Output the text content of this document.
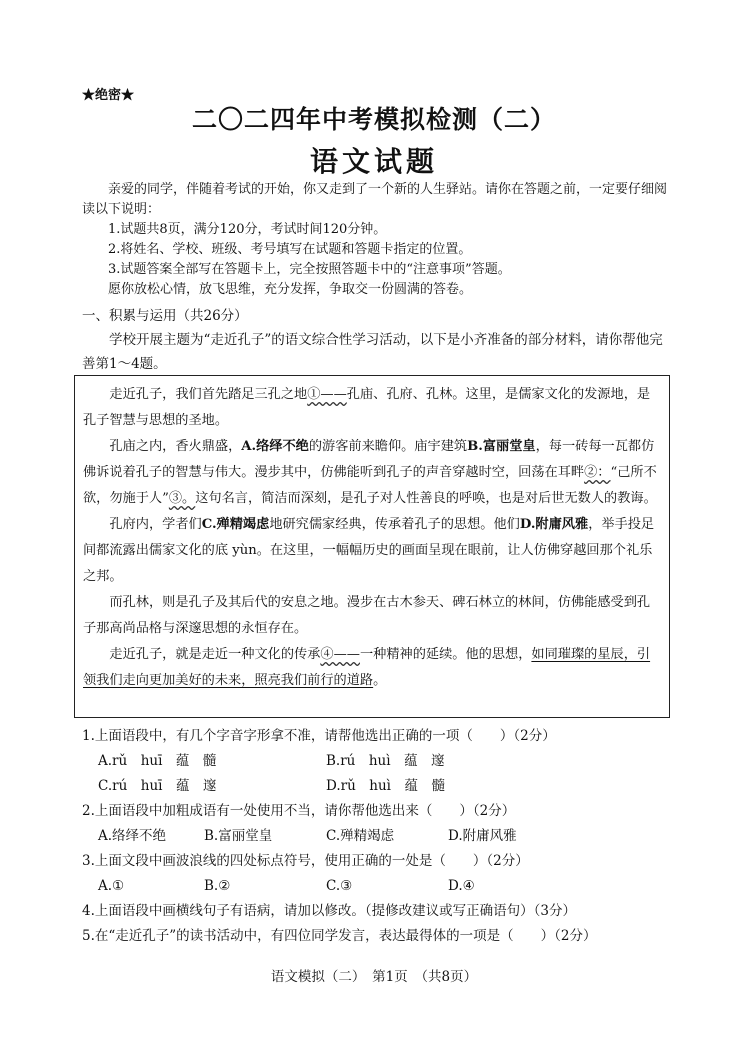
★绝密★
二〇二四年中考模拟检测（二）
语文试题

亲爱的同学，伴随着考试的开始，你又走到了一个新的人生驿站。请你在答题之前，一定要仔细阅读以下说明：

1.试题共8页，满分120分，考试时间120分钟。

2.将姓名、学校、班级、考号填写在试题和答题卡指定的位置。

3.试题答案全部写在答题卡上，完全按照答题卡中的“注意事项”答题。

愿你放松心情，放飞思维，充分发挥，争取交一份圆满的答卷。

一、积累与运用（共26分）

学校开展主题为“走近孔子”的语文综合性学习活动，以下是小齐准备的部分材料，请你帮他完善第1～4题。

走近孔子，我们首先踏足三孔之地①——孔庙、孔府、孔林。这里，是儒家文化的发源地，是孔子智慧与思想的圣地。

孔庙之内，香火鼎盛，A.络绎不绝的游客前来瞻仰。庙宇建筑B.富丽堂皇，每一砖每一瓦都仿佛诉说着孔子的智慧与伟大。漫步其中，仿佛能听到孔子的声音穿越时空，回荡在耳畔②：“己所不欲，勿施于人”③。这句名言，简洁而深刻，是孔子对人性善良的呼唤，也是对后世无数人的教诲。

孔府内，学者们C.殚精竭虑地研究儒家经典，传承着孔子的思想。他们D.附庸风雅，举手投足间都流露出儒家文化的底 yùn。在这里，一幅幅历史的画面呈现在眼前，让人仿佛穿越回那个礼乐之邦。

而孔林，则是孔子及其后代的安息之地。漫步在古木参天、碑石林立的林间，仿佛能感受到孔子那高尚品格与深邃思想的永恒存在。

走近孔子，就是走近一种文化的传承④——一种精神的延续。他的思想，如同璀璨的星辰，引领我们走向更加美好的未来，照亮我们前行的道路。

1.上面语段中，有几个字音字形拿不准，请帮他选出正确的一项（　　）（2分）
A.rǔ　huī　蕴　髓	B.rú　huì　蕴　邃
C.rú　huī　蕴　邃	D.rǔ　huì　蕴　髓
2.上面语段中加粗成语有一处使用不当，请你帮他选出来（　　）（2分）
A.络绎不绝	B.富丽堂皇	C.殚精竭虑	D.附庸风雅
3.上面文段中画波浪线的四处标点符号，使用正确的一处是（　　）（2分）
A.①	B.②	C.③	D.④
4.上面语段中画横线句子有语病，请加以修改。（提修改建议或写正确语句）（3分）
5.在“走近孔子”的读书活动中，有四位同学发言，表达最得体的一项是（　　）（2分）
语文模拟（二）　第1页　（共8页）
